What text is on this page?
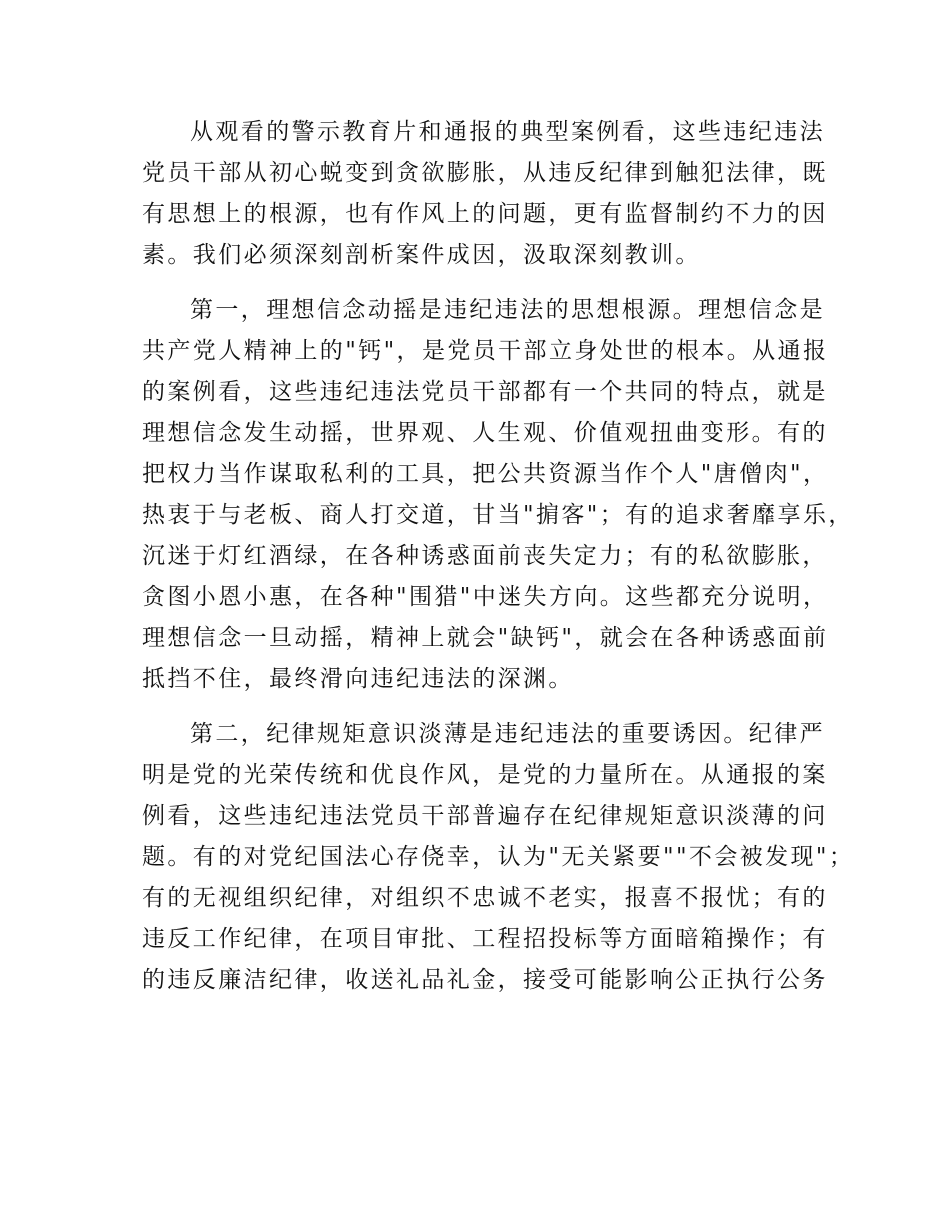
从观看的警示教育片和通报的典型案例看，这些违纪违法
党员干部从初心蜕变到贪欲膨胀，从违反纪律到触犯法律，既
有思想上的根源，也有作风上的问题，更有监督制约不力的因
素。我们必须深刻剖析案件成因，汲取深刻教训。
第一，理想信念动摇是违纪违法的思想根源。理想信念是
共产党人精神上的"钙"，是党员干部立身处世的根本。从通报
的案例看，这些违纪违法党员干部都有一个共同的特点，就是
理想信念发生动摇，世界观、人生观、价值观扭曲变形。有的
把权力当作谋取私利的工具，把公共资源当作个人"唐僧肉"，
热衷于与老板、商人打交道，甘当"掮客"；有的追求奢靡享乐，
沉迷于灯红酒绿，在各种诱惑面前丧失定力；有的私欲膨胀，
贪图小恩小惠，在各种"围猎"中迷失方向。这些都充分说明，
理想信念一旦动摇，精神上就会"缺钙"，就会在各种诱惑面前
抵挡不住，最终滑向违纪违法的深渊。
第二，纪律规矩意识淡薄是违纪违法的重要诱因。纪律严
明是党的光荣传统和优良作风，是党的力量所在。从通报的案
例看，这些违纪违法党员干部普遍存在纪律规矩意识淡薄的问
题。有的对党纪国法心存侥幸，认为"无关紧要""不会被发现"；
有的无视组织纪律，对组织不忠诚不老实，报喜不报忧；有的
违反工作纪律，在项目审批、工程招投标等方面暗箱操作；有
的违反廉洁纪律，收送礼品礼金，接受可能影响公正执行公务
